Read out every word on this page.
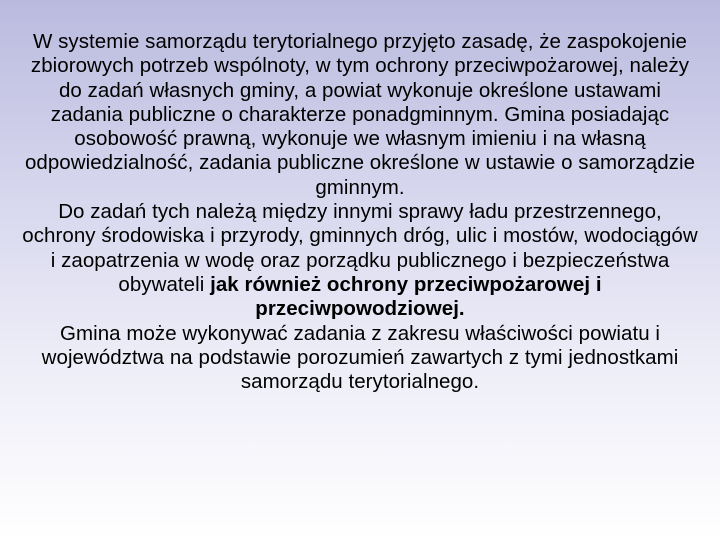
W systemie samorządu terytorialnego przyjęto zasadę, że zaspokojenie zbiorowych potrzeb wspólnoty, w tym ochrony przeciwpożarowej, należy do zadań własnych gminy, a powiat wykonuje określone ustawami zadania publiczne o charakterze ponadgminnym. Gmina posiadając osobowość prawną, wykonuje we własnym imieniu i na własną odpowiedzialność, zadania publiczne określone w ustawie o samorządzie gminnym.

Do zadań tych należą między innymi sprawy ładu przestrzennego, ochrony środowiska i przyrody, gminnych dróg, ulic i mostów, wodociągów i zaopatrzenia w wodę oraz porządku publicznego i bezpieczeństwa obywateli jak również ochrony przeciwpożarowej i przeciwpowodziowej.

Gmina może wykonywać zadania z zakresu właściwości powiatu i województwa na podstawie porozumień zawartych z tymi jednostkami samorządu terytorialnego.
